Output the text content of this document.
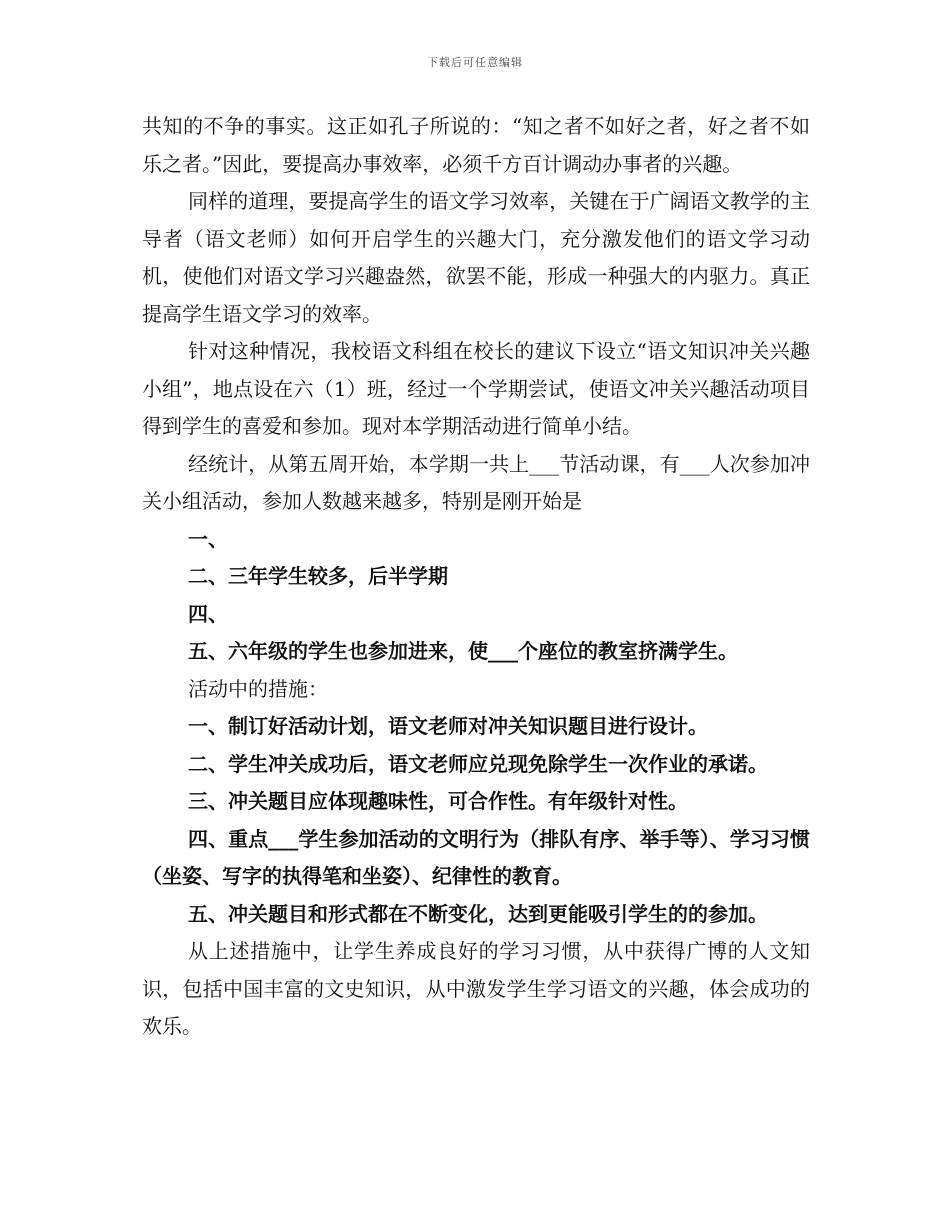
下载后可任意编辑

共知的不争的事实。这正如孔子所说的：“知之者不如好之者，好之者不如乐之者。”因此，要提高办事效率，必须千方百计调动办事者的兴趣。

同样的道理，要提高学生的语文学习效率，关键在于广阔语文教学的主导者（语文老师）如何开启学生的兴趣大门，充分激发他们的语文学习动机，使他们对语文学习兴趣盎然，欲罢不能，形成一种强大的内驱力。真正提高学生语文学习的效率。

针对这种情况，我校语文科组在校长的建议下设立“语文知识冲关兴趣小组”，地点设在六（1）班，经过一个学期尝试，使语文冲关兴趣活动项目得到学生的喜爱和参加。现对本学期活动进行简单小结。

经统计，从第五周开始，本学期一共上___节活动课，有___人次参加冲关小组活动，参加人数越来越多，特别是刚开始是

一、

二、三年学生较多，后半学期

四、

五、六年级的学生也参加进来，使___个座位的教室挤满学生。

活动中的措施：

一、制订好活动计划，语文老师对冲关知识题目进行设计。

二、学生冲关成功后，语文老师应兑现免除学生一次作业的承诺。

三、冲关题目应体现趣味性，可合作性。有年级针对性。

四、重点___学生参加活动的文明行为（排队有序、举手等）、学习习惯（坐姿、写字的执得笔和坐姿）、纪律性的教育。

五、冲关题目和形式都在不断变化，达到更能吸引学生的的参加。

从上述措施中，让学生养成良好的学习习惯，从中获得广博的人文知识，包括中国丰富的文史知识，从中激发学生学习语文的兴趣，体会成功的欢乐。
